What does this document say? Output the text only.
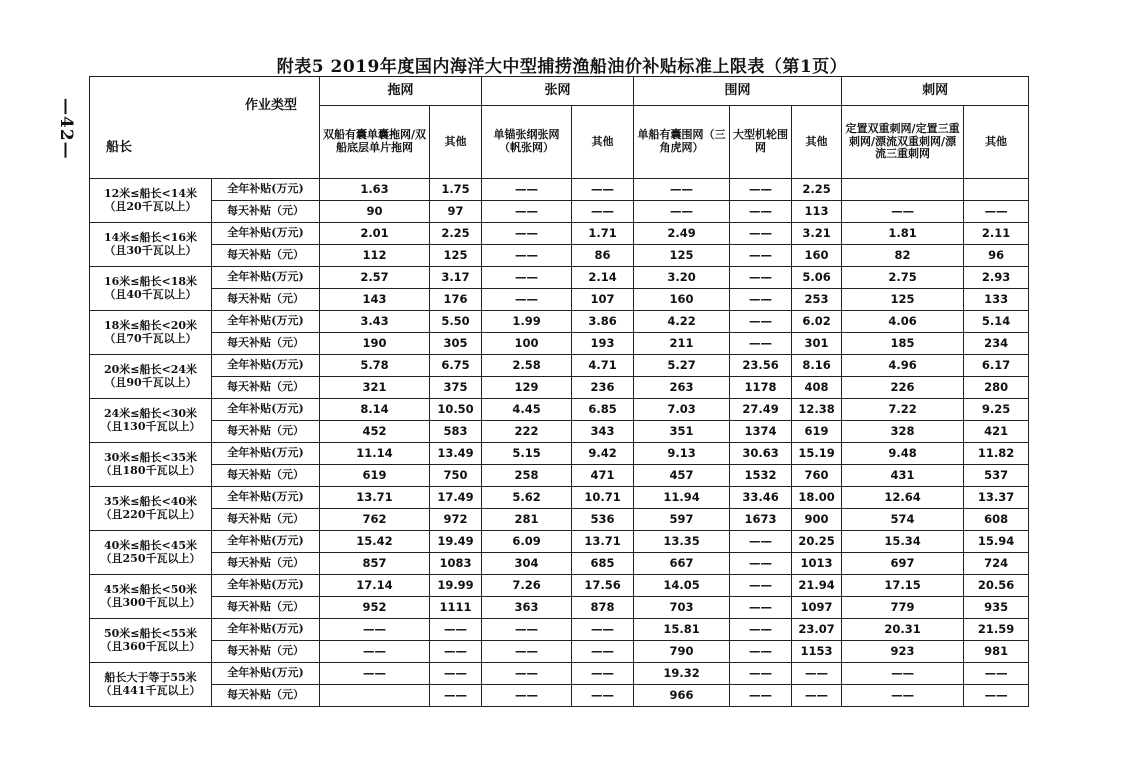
—42—
附表5 2019年度国内海洋大中型捕捞渔船油价补贴标准上限表（第1页）
作业类型
船长		拖网		张网		围网			刺网	
		双船有囊单囊拖网/双船底层单片拖网	其他	单锚张纲张网（帆张网）	其他	单船有囊围网（三角虎网）	大型机轮围网	其他	定置双重刺网/定置三重刺网/漂流双重刺网/漂流三重刺网	其他

12米≤船长<14米
（且20千瓦以上）	全年补贴(万元)	1.63	1.75	——	——	——	——	2.25		
	每天补贴（元）	90	97	——	——	——	——	113	——	——

14米≤船长<16米
（且30千瓦以上）	全年补贴(万元)	2.01	2.25	——	1.71	2.49	——	3.21	1.81	2.11
	每天补贴（元）	112	125	——	86	125	——	160	82	96

16米≤船长<18米
（且40千瓦以上）	全年补贴(万元)	2.57	3.17	——	2.14	3.20	——	5.06	2.75	2.93
	每天补贴（元）	143	176	——	107	160	——	253	125	133

18米≤船长<20米
（且70千瓦以上）	全年补贴(万元)	3.43	5.50	1.99	3.86	4.22	——	6.02	4.06	5.14
	每天补贴（元）	190	305	100	193	211	——	301	185	234

20米≤船长<24米
（且90千瓦以上）	全年补贴(万元)	5.78	6.75	2.58	4.71	5.27	23.56	8.16	4.96	6.17
	每天补贴（元）	321	375	129	236	263	1178	408	226	280

24米≤船长<30米
（且130千瓦以上）	全年补贴(万元)	8.14	10.50	4.45	6.85	7.03	27.49	12.38	7.22	9.25
	每天补贴（元）	452	583	222	343	351	1374	619	328	421

30米≤船长<35米
（且180千瓦以上）	全年补贴(万元)	11.14	13.49	5.15	9.42	9.13	30.63	15.19	9.48	11.82
	每天补贴（元）	619	750	258	471	457	1532	760	431	537

35米≤船长<40米
（且220千瓦以上）	全年补贴(万元)	13.71	17.49	5.62	10.71	11.94	33.46	18.00	12.64	13.37
	每天补贴（元）	762	972	281	536	597	1673	900	574	608

40米≤船长<45米
（且250千瓦以上）	全年补贴(万元)	15.42	19.49	6.09	13.71	13.35	——	20.25	15.34	15.94
	每天补贴（元）	857	1083	304	685	667	——	1013	697	724

45米≤船长<50米
（且300千瓦以上）	全年补贴(万元)	17.14	19.99	7.26	17.56	14.05	——	21.94	17.15	20.56
	每天补贴（元）	952	1111	363	878	703	——	1097	779	935

50米≤船长<55米
（且360千瓦以上）	全年补贴(万元)	——	——	——	——	15.81	——	23.07	20.31	21.59
	每天补贴（元）	——	——	——	——	790	——	1153	923	981

船长大于等于55米
（且441千瓦以上）	全年补贴(万元)	——	——	——	——	19.32	——	——	——	——
	每天补贴（元）		——	——	——	966	——	——	——	——
